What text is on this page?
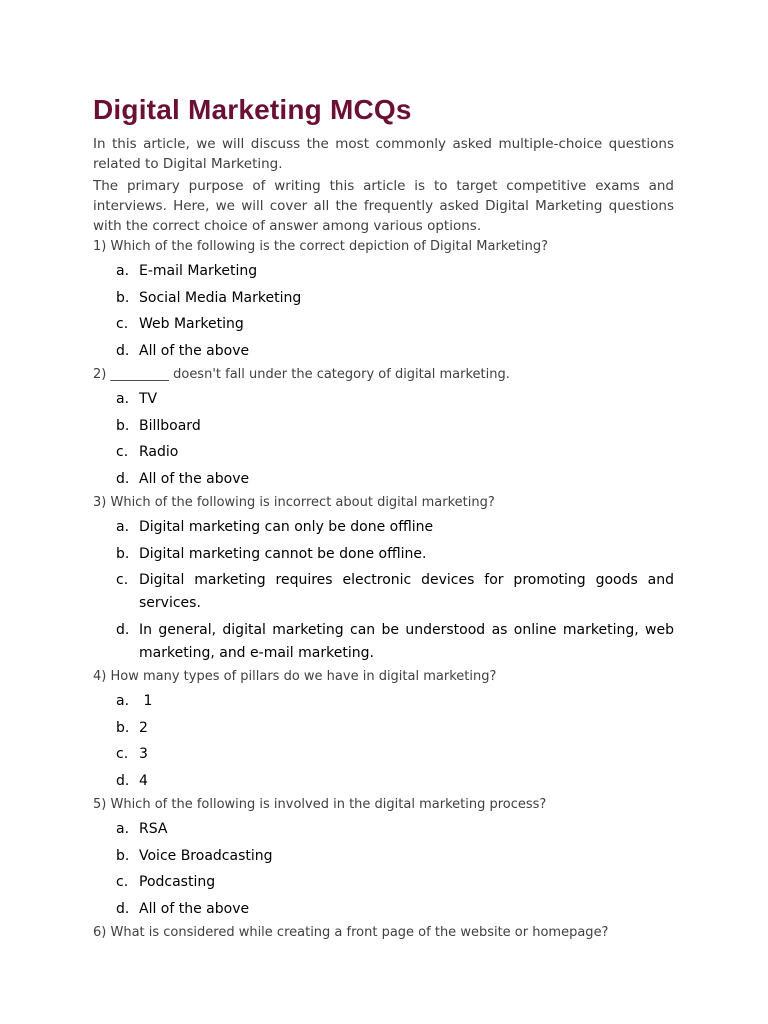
Digital Marketing MCQs

In this article, we will discuss the most commonly asked multiple-choice questions related to Digital Marketing.

The primary purpose of writing this article is to target competitive exams and interviews. Here, we will cover all the frequently asked Digital Marketing questions with the correct choice of answer among various options.

1) Which of the following is the correct depiction of Digital Marketing?
a. E-mail Marketing
b. Social Media Marketing
c. Web Marketing
d. All of the above
2) _________ doesn't fall under the category of digital marketing.
a. TV
b. Billboard
c. Radio
d. All of the above
3) Which of the following is incorrect about digital marketing?
a. Digital marketing can only be done offline
b. Digital marketing cannot be done offline.
c. Digital marketing requires electronic devices for promoting goods and services.
d. In general, digital marketing can be understood as online marketing, web marketing, and e-mail marketing.
4) How many types of pillars do we have in digital marketing?
a. 1
b. 2
c. 3
d. 4
5) Which of the following is involved in the digital marketing process?
a. RSA
b. Voice Broadcasting
c. Podcasting
d. All of the above
6) What is considered while creating a front page of the website or homepage?
